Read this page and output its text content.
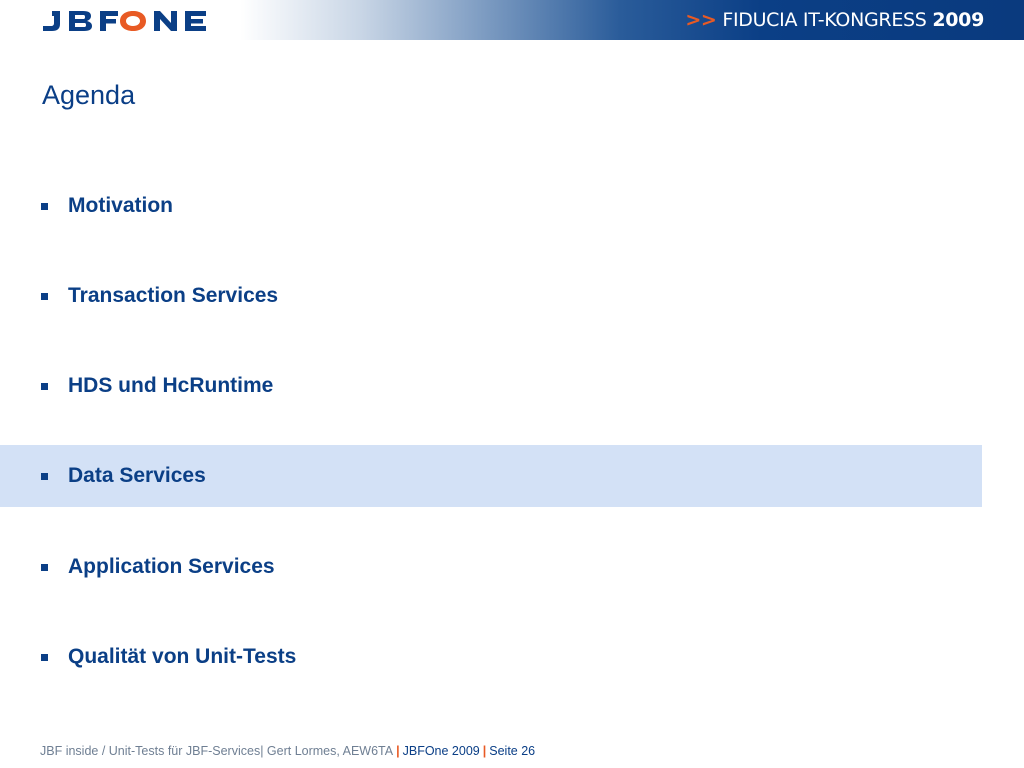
>> FIDUCIA IT-KONGRESS 2009
Agenda
Motivation
Transaction Services
HDS und HcRuntime
Data Services
Application Services
Qualität von Unit-Tests
JBF inside / Unit-Tests für JBF-Services| Gert Lormes, AEW6TA | JBFOne 2009 | Seite 26
